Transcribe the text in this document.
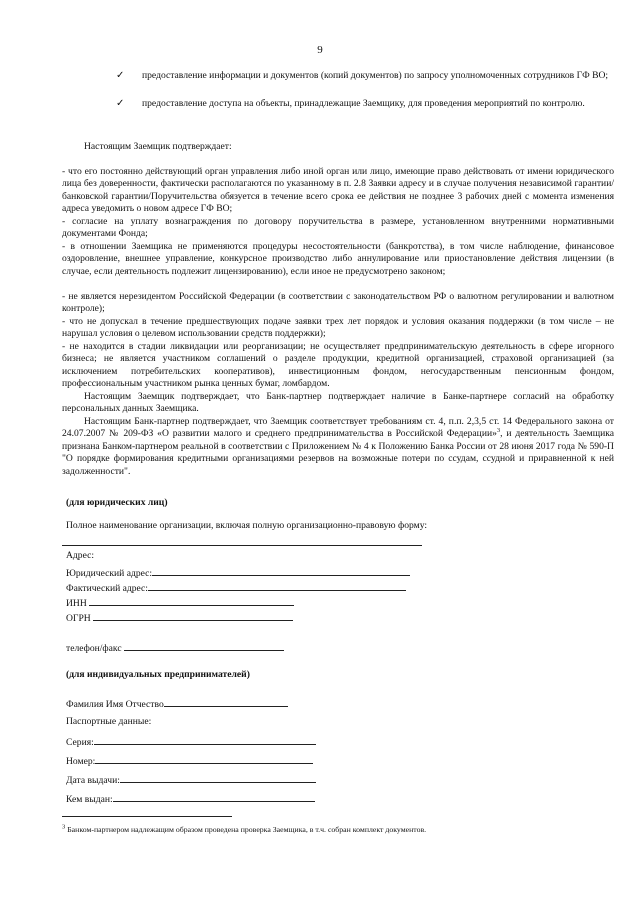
9
✓	предоставление информации и документов (копий документов) по запросу уполномоченных сотрудников ГФ ВО;
✓	предоставление доступа на объекты, принадлежащие Заемщику, для проведения мероприятий по контролю.
Настоящим Заемщик подтверждает:
- что его постоянно действующий орган управления либо иной орган или лицо, имеющие право действовать от имени юридического лица без доверенности, фактически располагаются по указанному в п. 2.8 Заявки адресу и в случае получения независимой гарантии/банковской гарантии/Поручительства обязуется в течение всего срока ее действия не позднее 3 рабочих дней с момента изменения адреса уведомить о новом адресе ГФ ВО;
- согласие на уплату вознаграждения по договору поручительства в размере, установленном внутренними нормативными документами Фонда;
- в отношении Заемщика не применяются процедуры несостоятельности (банкротства), в том числе наблюдение, финансовое оздоровление, внешнее управление, конкурсное производство либо аннулирование или приостановление действия лицензии (в случае, если деятельность подлежит лицензированию), если иное не предусмотрено законом;
- не является нерезидентом Российской Федерации (в соответствии с законодательством РФ о валютном регулировании и валютном контроле);
- что не допускал в течение предшествующих подаче заявки трех лет порядок и условия оказания поддержки (в том числе – не нарушал условия о целевом использовании средств поддержки);
- не находится в стадии ликвидации или реорганизации; не осуществляет предпринимательскую деятельность в сфере игорного бизнеса; не является участником соглашений о разделе продукции, кредитной организацией, страховой организацией (за исключением потребительских кооперативов), инвестиционным фондом, негосударственным пенсионным фондом, профессиональным участником рынка ценных бумаг, ломбардом.
Настоящим Заемщик подтверждает, что Банк-партнер подтверждает наличие в Банке-партнере согласий на обработку персональных данных Заемщика.
Настоящим Банк-партнер подтверждает, что Заемщик соответствует требованиям ст. 4, п.п. 2,3,5 ст. 14 Федерального закона от 24.07.2007 № 209-ФЗ «О развитии малого и среднего предпринимательства в Российской Федерации»$^3$, и деятельность Заемщика признана Банком-партнером реальной в соответствии с Приложением № 4 к Положению Банка России от 28 июня 2017 года № 590-П "О порядке формирования кредитными организациями резервов на возможные потери по ссудам, ссудной и приравненной к ней задолженности".
(для юридических лиц)
Полное наименование организации, включая полную организационно-правовую форму:
Адрес:
Юридический адрес:
Фактический адрес:
ИНН
ОГРН
телефон/факс
(для индивидуальных предпринимателей)
Фамилия Имя Отчество
Паспортные данные:
Серия:
Номер:
Дата выдачи:
Кем выдан:
$^3$ Банком-партнером надлежащим образом проведена проверка Заемщика, в т.ч. собран комплект документов.
